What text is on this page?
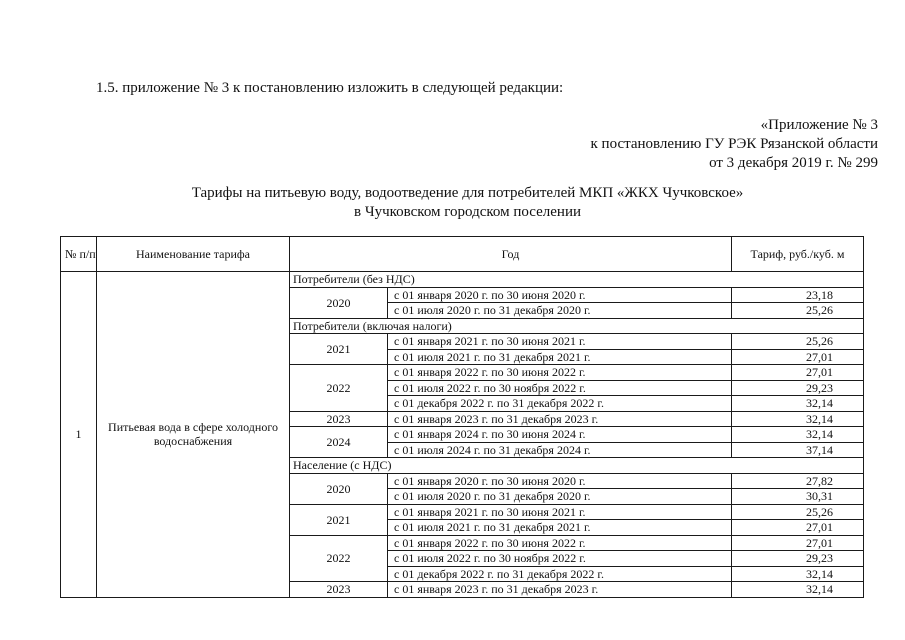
1.5. приложение № 3 к постановлению изложить в следующей редакции:
«Приложение № 3
к постановлению ГУ РЭК Рязанской области
от 3 декабря 2019 г. № 299
Тарифы на питьевую воду, водоотведение для потребителей МКП «ЖКХ Чучковское»
в Чучковском городском поселении
№ п/п	Наименование тарифа	Год		Тариф, руб./куб. м
1	Питьевая вода в сфере холодного водоснабжения	Потребители (без НДС)		
		2020	с 01 января 2020 г. по 30 июня 2020 г.	23,18
			с 01 июля 2020 г. по 31 декабря 2020 г.	25,26
		Потребители (включая налоги)		
		2021	с 01 января 2021 г. по 30 июня 2021 г.	25,26
			с 01 июля 2021 г. по 31 декабря 2021 г.	27,01
		2022	с 01 января 2022 г. по 30 июня 2022 г.	27,01
			с 01 июля 2022 г. по 30 ноября 2022 г.	29,23
			с 01 декабря 2022 г. по 31 декабря 2022 г.	32,14
		2023	с 01 января 2023 г. по 31 декабря 2023 г.	32,14
		2024	с 01 января 2024 г. по 30 июня 2024 г.	32,14
			с 01 июля 2024 г. по 31 декабря 2024 г.	37,14
		Население (с НДС)		
		2020	с 01 января 2020 г. по 30 июня 2020 г.	27,82
			с 01 июля 2020 г. по 31 декабря 2020 г.	30,31
		2021	с 01 января 2021 г. по 30 июня 2021 г.	25,26
			с 01 июля 2021 г. по 31 декабря 2021 г.	27,01
		2022	с 01 января 2022 г. по 30 июня 2022 г.	27,01
			с 01 июля 2022 г. по 30 ноября 2022 г.	29,23
			с 01 декабря 2022 г. по 31 декабря 2022 г.	32,14
		2023	с 01 января 2023 г. по 31 декабря 2023 г.	32,14
